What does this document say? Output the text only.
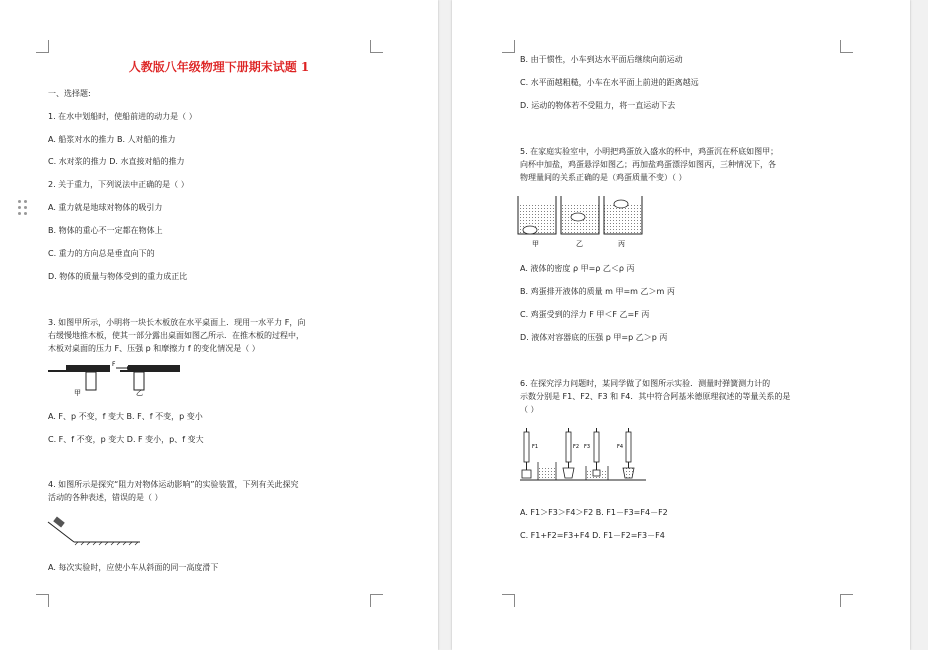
人教版八年级物理下册期末试题 1
一、选择题:
1. 在水中划船时，使船前进的动力是（ ）
A. 船浆对水的推力 B. 人对船的推力
C. 水对浆的推力 D. 水直接对船的推力
2. 关于重力，下列说法中正确的是（ ）
A. 重力就是地球对物体的吸引力
B. 物体的重心不一定都在物体上
C. 重力的方向总是垂直向下的
D. 物体的质量与物体受到的重力成正比
3. 如图甲所示，小明将一块长木板放在水平桌面上．现用一水平力 F，向
右缓慢地推木板，使其一部分露出桌面如图乙所示．在推木板的过程中，
木板对桌面的压力 F、压强 p 和摩擦力 f 的变化情况是（ ）
F
甲	乙
A. F、p 不变，f 变大 B. F、f 不变，p 变小
C. F、f 不变，p 变大 D. F 变小，p、f 变大
4. 如图所示是探究“阻力对物体运动影响”的实验装置，下列有关此探究
活动的各种表述，错误的是（ ）
A. 每次实验时，应使小车从斜面的同一高度滑下
B. 由于惯性，小车到达水平面后继续向前运动
C. 水平面越粗糙，小车在水平面上前进的距离越远
D. 运动的物体若不受阻力，将一直运动下去
5. 在家庭实验室中，小明把鸡蛋放入盛水的杯中，鸡蛋沉在杯底如图甲；
向杯中加盐，鸡蛋悬浮如图乙；再加盐鸡蛋漂浮如图丙，三种情况下，各
物理量间的关系正确的是（鸡蛋质量不变）（ ）
甲	乙	丙
A. 液体的密度 ρ 甲=ρ 乙＜ρ 丙
B. 鸡蛋排开液体的质量 m 甲=m 乙＞m 丙
C. 鸡蛋受到的浮力 F 甲＜F 乙=F 丙
D. 液体对容器底的压强 p 甲=p 乙＞p 丙
6. 在探究浮力问题时，某同学做了如图所示实验．测量时弹簧测力计的
示数分别是 F1、F2、F3 和 F4．其中符合阿基米德原理叙述的等量关系的是
（ ）
F1	F2 F3	F4
A. F1＞F3＞F4＞F2 B. F1－F3=F4－F2
C. F1+F2=F3+F4 D. F1－F2=F3－F4
